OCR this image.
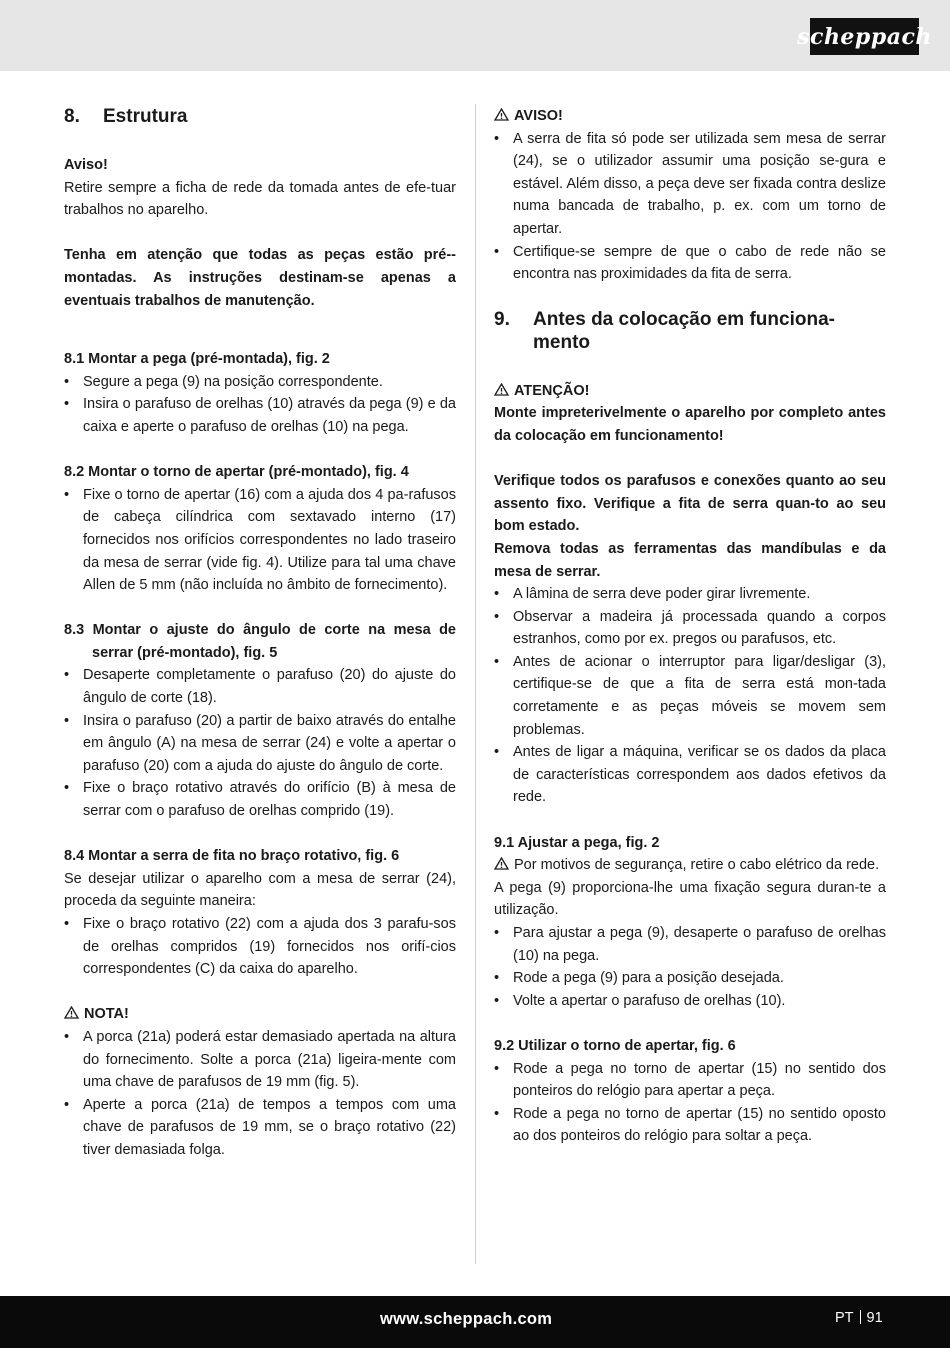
scheppach
8.	Estrutura

Aviso!

Retire sempre a ficha de rede da tomada antes de efe-tuar trabalhos no aparelho.

Tenha em atenção que todas as peças estão pré--montadas. As instruções destinam-se apenas a eventuais trabalhos de manutenção.

8.1 Montar a pega (pré-montada), fig. 2

• Segure a pega (9) na posição correspondente.
• Insira o parafuso de orelhas (10) através da pega (9) e da caixa e aperte o parafuso de orelhas (10) na pega.

8.2 Montar o torno de apertar (pré-montado), fig. 4

• Fixe o torno de apertar (16) com a ajuda dos 4 pa-rafusos de cabeça cilíndrica com sextavado interno (17) fornecidos nos orifícios correspondentes no lado traseiro da mesa de serrar (vide fig. 4). Utilize para tal uma chave Allen de 5 mm (não incluída no âmbito de fornecimento).

8.3 Montar o ajuste do ângulo de corte na mesa de serrar (pré-montado), fig. 5

• Desaperte completamente o parafuso (20) do ajuste do ângulo de corte (18).
• Insira o parafuso (20) a partir de baixo através do entalhe em ângulo (A) na mesa de serrar (24) e volte a apertar o parafuso (20) com a ajuda do ajuste do ângulo de corte.
• Fixe o braço rotativo através do orifício (B) à mesa de serrar com o parafuso de orelhas comprido (19).

8.4 Montar a serra de fita no braço rotativo, fig. 6

Se desejar utilizar o aparelho com a mesa de serrar (24), proceda da seguinte maneira:

• Fixe o braço rotativo (22) com a ajuda dos 3 parafu-sos de orelhas compridos (19) fornecidos nos orifí-cios correspondentes (C) da caixa do aparelho.

NOTA!

• A porca (21a) poderá estar demasiado apertada na altura do fornecimento. Solte a porca (21a) ligeira-mente com uma chave de parafusos de 19 mm (fig. 5).
• Aperte a porca (21a) de tempos a tempos com uma chave de parafusos de 19 mm, se o braço rotativo (22) tiver demasiada folga.

AVISO!

• A serra de fita só pode ser utilizada sem mesa de serrar (24), se o utilizador assumir uma posição se-gura e estável. Além disso, a peça deve ser fixada contra deslize numa bancada de trabalho, p. ex. com um torno de apertar.
• Certifique-se sempre de que o cabo de rede não se encontra nas proximidades da fita de serra.
9.	Antes da colocação em funciona-mento

ATENÇÃO!

Monte impreterivelmente o aparelho por completo antes da colocação em funcionamento!

Verifique todos os parafusos e conexões quanto ao seu assento fixo. Verifique a fita de serra quan-to ao seu bom estado.

Remova todas as ferramentas das mandíbulas e da mesa de serrar.

• A lâmina de serra deve poder girar livremente.
• Observar a madeira já processada quando a corpos estranhos, como por ex. pregos ou parafusos, etc.
• Antes de acionar o interruptor para ligar/desligar (3), certifique-se de que a fita de serra está mon-tada corretamente e as peças móveis se movem sem problemas.
• Antes de ligar a máquina, verificar se os dados da placa de características correspondem aos dados efetivos da rede.

9.1 Ajustar a pega, fig. 2

Por motivos de segurança, retire o cabo elétrico da rede.

A pega (9) proporciona-lhe uma fixação segura duran-te a utilização.

• Para ajustar a pega (9), desaperte o parafuso de orelhas (10) na pega.
• Rode a pega (9) para a posição desejada.
• Volte a apertar o parafuso de orelhas (10).

9.2 Utilizar o torno de apertar, fig. 6

• Rode a pega no torno de apertar (15) no sentido dos ponteiros do relógio para apertar a peça.
• Rode a pega no torno de apertar (15) no sentido oposto ao dos ponteiros do relógio para soltar a peça.
www.scheppach.com	PT 91
